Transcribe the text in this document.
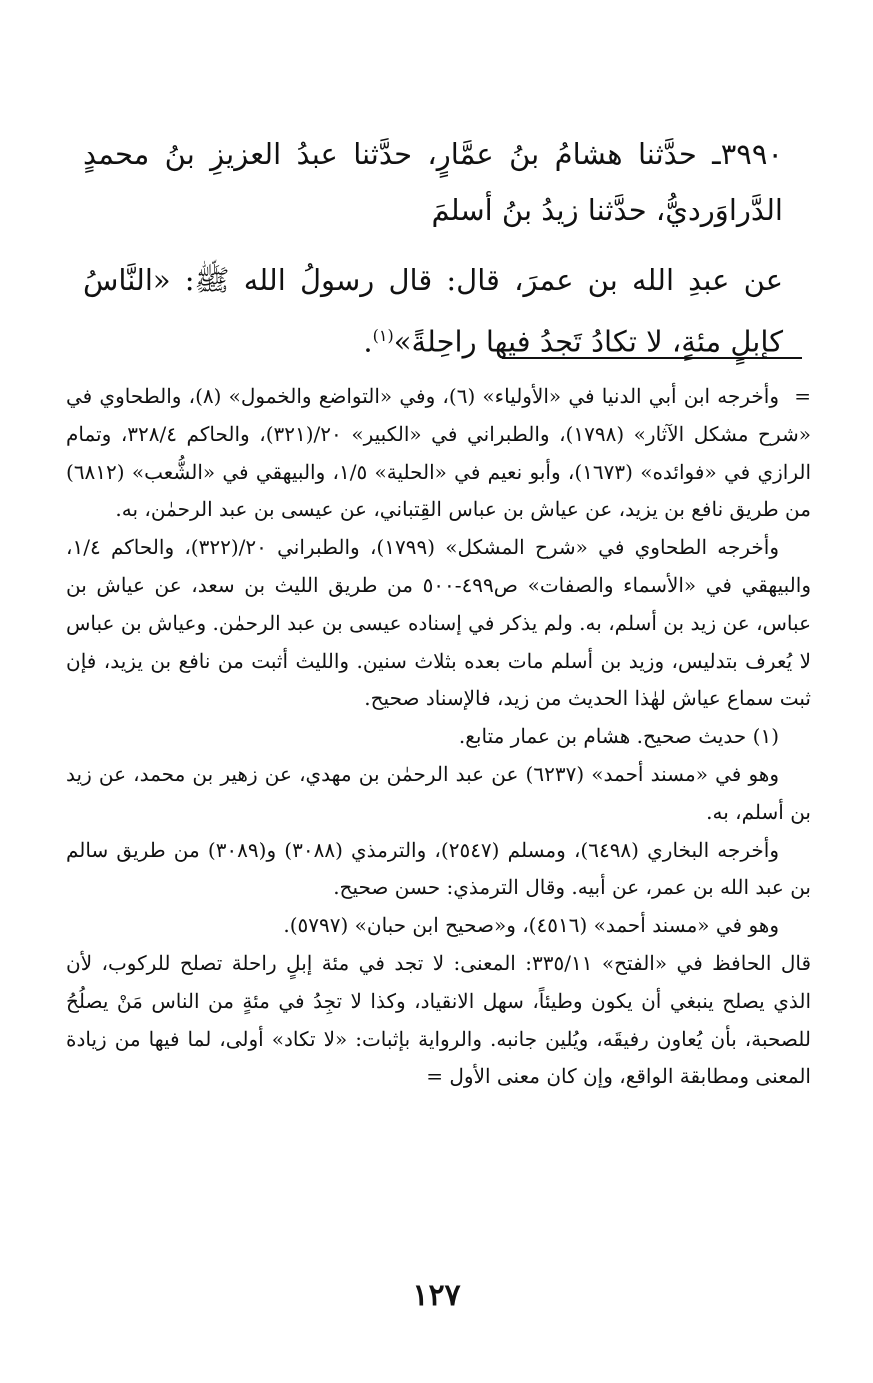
٣٩٩٠ـ حدَّثنا هشامُ بنُ عمَّارٍ، حدَّثنا عبدُ العزيزِ بنُ محمدٍ الدَّراوَرديُّ، حدَّثنا زيدُ بنُ أسلمَ

عن عبدِ الله بن عمرَ، قال: قال رسولُ الله ﷺ: «النَّاسُ كإبلٍ مئةٍ، لا تكادُ تَجدُ فيها راحِلةً»$^{(١)}$.

=

وأخرجه ابن أبي الدنيا في «الأولياء» (٦)، وفي «التواضع والخمول» (٨)، والطحاوي في «شرح مشكل الآثار» (١٧٩٨)، والطبراني في «الكبير» ٢٠/(٣٢١)، والحاكم ٣٢٨/٤، وتمام الرازي في «فوائده» (١٦٧٣)، وأبو نعيم في «الحلية» ١/٥، والبيهقي في «الشُّعب» (٦٨١٢) من طريق نافع بن يزيد، عن عياش بن عباس القِتباني، عن عيسى بن عبد الرحمٰن، به.

وأخرجه الطحاوي في «شرح المشكل» (١٧٩٩)، والطبراني ٢٠/(٣٢٢)، والحاكم ١/٤، والبيهقي في «الأسماء والصفات» ص٤٩٩-٥٠٠ من طريق الليث بن سعد، عن عياش بن عباس، عن زيد بن أسلم، به. ولم يذكر في إسناده عيسى بن عبد الرحمٰن. وعياش بن عباس لا يُعرف بتدليس، وزيد بن أسلم مات بعده بثلاث سنين. والليث أثبت من نافع بن يزيد، فإن ثبت سماع عياش لهٰذا الحديث من زيد، فالإسناد صحيح.

(١) حديث صحيح. هشام بن عمار متابع.

وهو في «مسند أحمد» (٦٢٣٧) عن عبد الرحمٰن بن مهدي، عن زهير بن محمد، عن زيد بن أسلم، به.

وأخرجه البخاري (٦٤٩٨)، ومسلم (٢٥٤٧)، والترمذي (٣٠٨٨) و(٣٠٨٩) من طريق سالم بن عبد الله بن عمر، عن أبيه. وقال الترمذي: حسن صحيح.

وهو في «مسند أحمد» (٤٥١٦)، و«صحيح ابن حبان» (٥٧٩٧).

قال الحافظ في «الفتح» ٣٣٥/١١: المعنى: لا تجد في مئة إبلٍ راحلة تصلح للركوب، لأن الذي يصلح ينبغي أن يكون وطيئاً، سهل الانقياد، وكذا لا تجِدُ في مئةٍ من الناس مَنْ يصلُحُ للصحبة، بأن يُعاون رفيقَه، ويُلين جانبه. والرواية بإثبات: «لا تكاد» أولى، لما فيها من زيادة المعنى ومطابقة الواقع، وإن كان معنى الأول =

١٢٧
